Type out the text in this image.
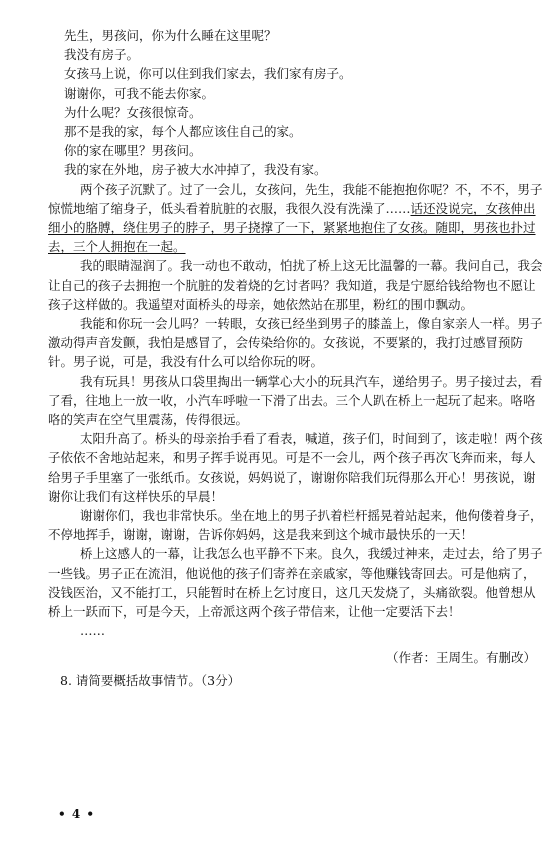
先生，男孩问，你为什么睡在这里呢？

我没有房子。

女孩马上说，你可以住到我们家去，我们家有房子。

谢谢你，可我不能去你家。

为什么呢？女孩很惊奇。

那不是我的家，每个人都应该住自己的家。

你的家在哪里？男孩问。

我的家在外地，房子被大水冲掉了，我没有家。

两个孩子沉默了。过了一会儿，女孩问，先生，我能不能抱抱你呢？不，不不，男子惊慌地缩了缩身子，低头看着肮脏的衣服，我很久没有洗澡了……话还没说完，女孩伸出细小的胳膊，绕住男子的脖子，男子挠撑了一下，紧紧地抱住了女孩。随即，男孩也扑过去，三个人拥抱在一起。

我的眼睛湿润了。我一动也不敢动，怕扰了桥上这无比温馨的一幕。我问自己，我会让自己的孩子去拥抱一个肮脏的发着烧的乞讨者吗？我知道，我是宁愿给钱给物也不愿让孩子这样做的。我遥望对面桥头的母亲，她依然站在那里，粉红的围巾飘动。

我能和你玩一会儿吗？一转眼，女孩已经坐到男子的膝盖上，像自家亲人一样。男子激动得声音发颤，我怕是感冒了，会传染给你的。女孩说，不要紧的，我打过感冒预防针。男子说，可是，我没有什么可以给你玩的呀。

我有玩具！男孩从口袋里掏出一辆掌心大小的玩具汽车，递给男子。男子接过去，看了看，往地上一放一收，小汽车呼啦一下滑了出去。三个人趴在桥上一起玩了起来。咯咯咯的笑声在空气里震荡，传得很远。

太阳升高了。桥头的母亲抬手看了看表，喊道，孩子们，时间到了，该走啦！两个孩子依依不舍地站起来，和男子挥手说再见。可是不一会儿，两个孩子再次飞奔而来，每人给男子手里塞了一张纸币。女孩说，妈妈说了，谢谢你陪我们玩得那么开心！男孩说，谢谢你让我们有这样快乐的早晨！

谢谢你们，我也非常快乐。坐在地上的男子扒着栏杆摇晃着站起来，他佝偻着身子，不停地挥手，谢谢，谢谢，告诉你妈妈，这是我来到这个城市最快乐的一天！

桥上这感人的一幕，让我怎么也平静不下来。良久，我缓过神来，走过去，给了男子一些钱。男子正在流泪，他说他的孩子们寄养在亲戚家，等他赚钱寄回去。可是他病了，没钱医治，又不能打工，只能暂时在桥上乞讨度日，这几天发烧了，头痛欲裂。他曾想从桥上一跃而下，可是今天，上帝派这两个孩子带信来，让他一定要活下去！

……

（作者：王周生。有删改）
8. 请简要概括故事情节。（3分）
• 4 •
